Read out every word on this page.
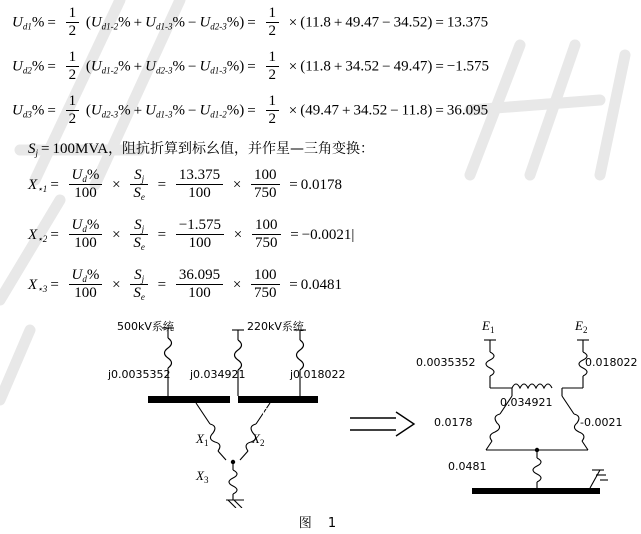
$U_{d1}\% = \frac{1}{2} (U_{d1‑2}\% + U_{d1‑3}\% - U_{d2‑3}\%) = \frac{1}{2} \times (11.8 + 49.47 - 34.52) = 13.375$
$U_{d2}\% = \frac{1}{2} (U_{d1‑2}\% + U_{d2‑3}\% - U_{d1‑3}\%) = \frac{1}{2} \times (11.8 + 34.52 - 49.47) = -1.575$
$U_{d3}\% = \frac{1}{2} (U_{d2‑3}\% + U_{d1‑3}\% - U_{d1‑2}\%) = \frac{1}{2} \times (49.47 + 34.52 - 11.8) = 36.095$
$S_j = 100MVA$，阻抗折算到标幺值，并作星—三角变换：
$X_{⋆1} = \frac{U_d\%}{100} \times \frac{S_j}{S_e} = \frac{13.375}{100} \times \frac{100}{750} = 0.0178$
$X_{⋆2} = \frac{U_d\%}{100} \times \frac{S_j}{S_e} = \frac{-1.575}{100} \times \frac{100}{750} = -0.0021|$
$X_{⋆3} = \frac{U_d\%}{100} \times \frac{S_j}{S_e} = \frac{36.095}{100} \times \frac{100}{750} = 0.0481$
500kV系统	220kV系统
j0.0035352 j0.034921	j0.018022
550kV	220kV
$X_1$	$X_2$
$X_3$
$E_1$	$E_2$
0.0035352	0.018022
0.034921
0.0178	-0.0021
0.0481
图 1
